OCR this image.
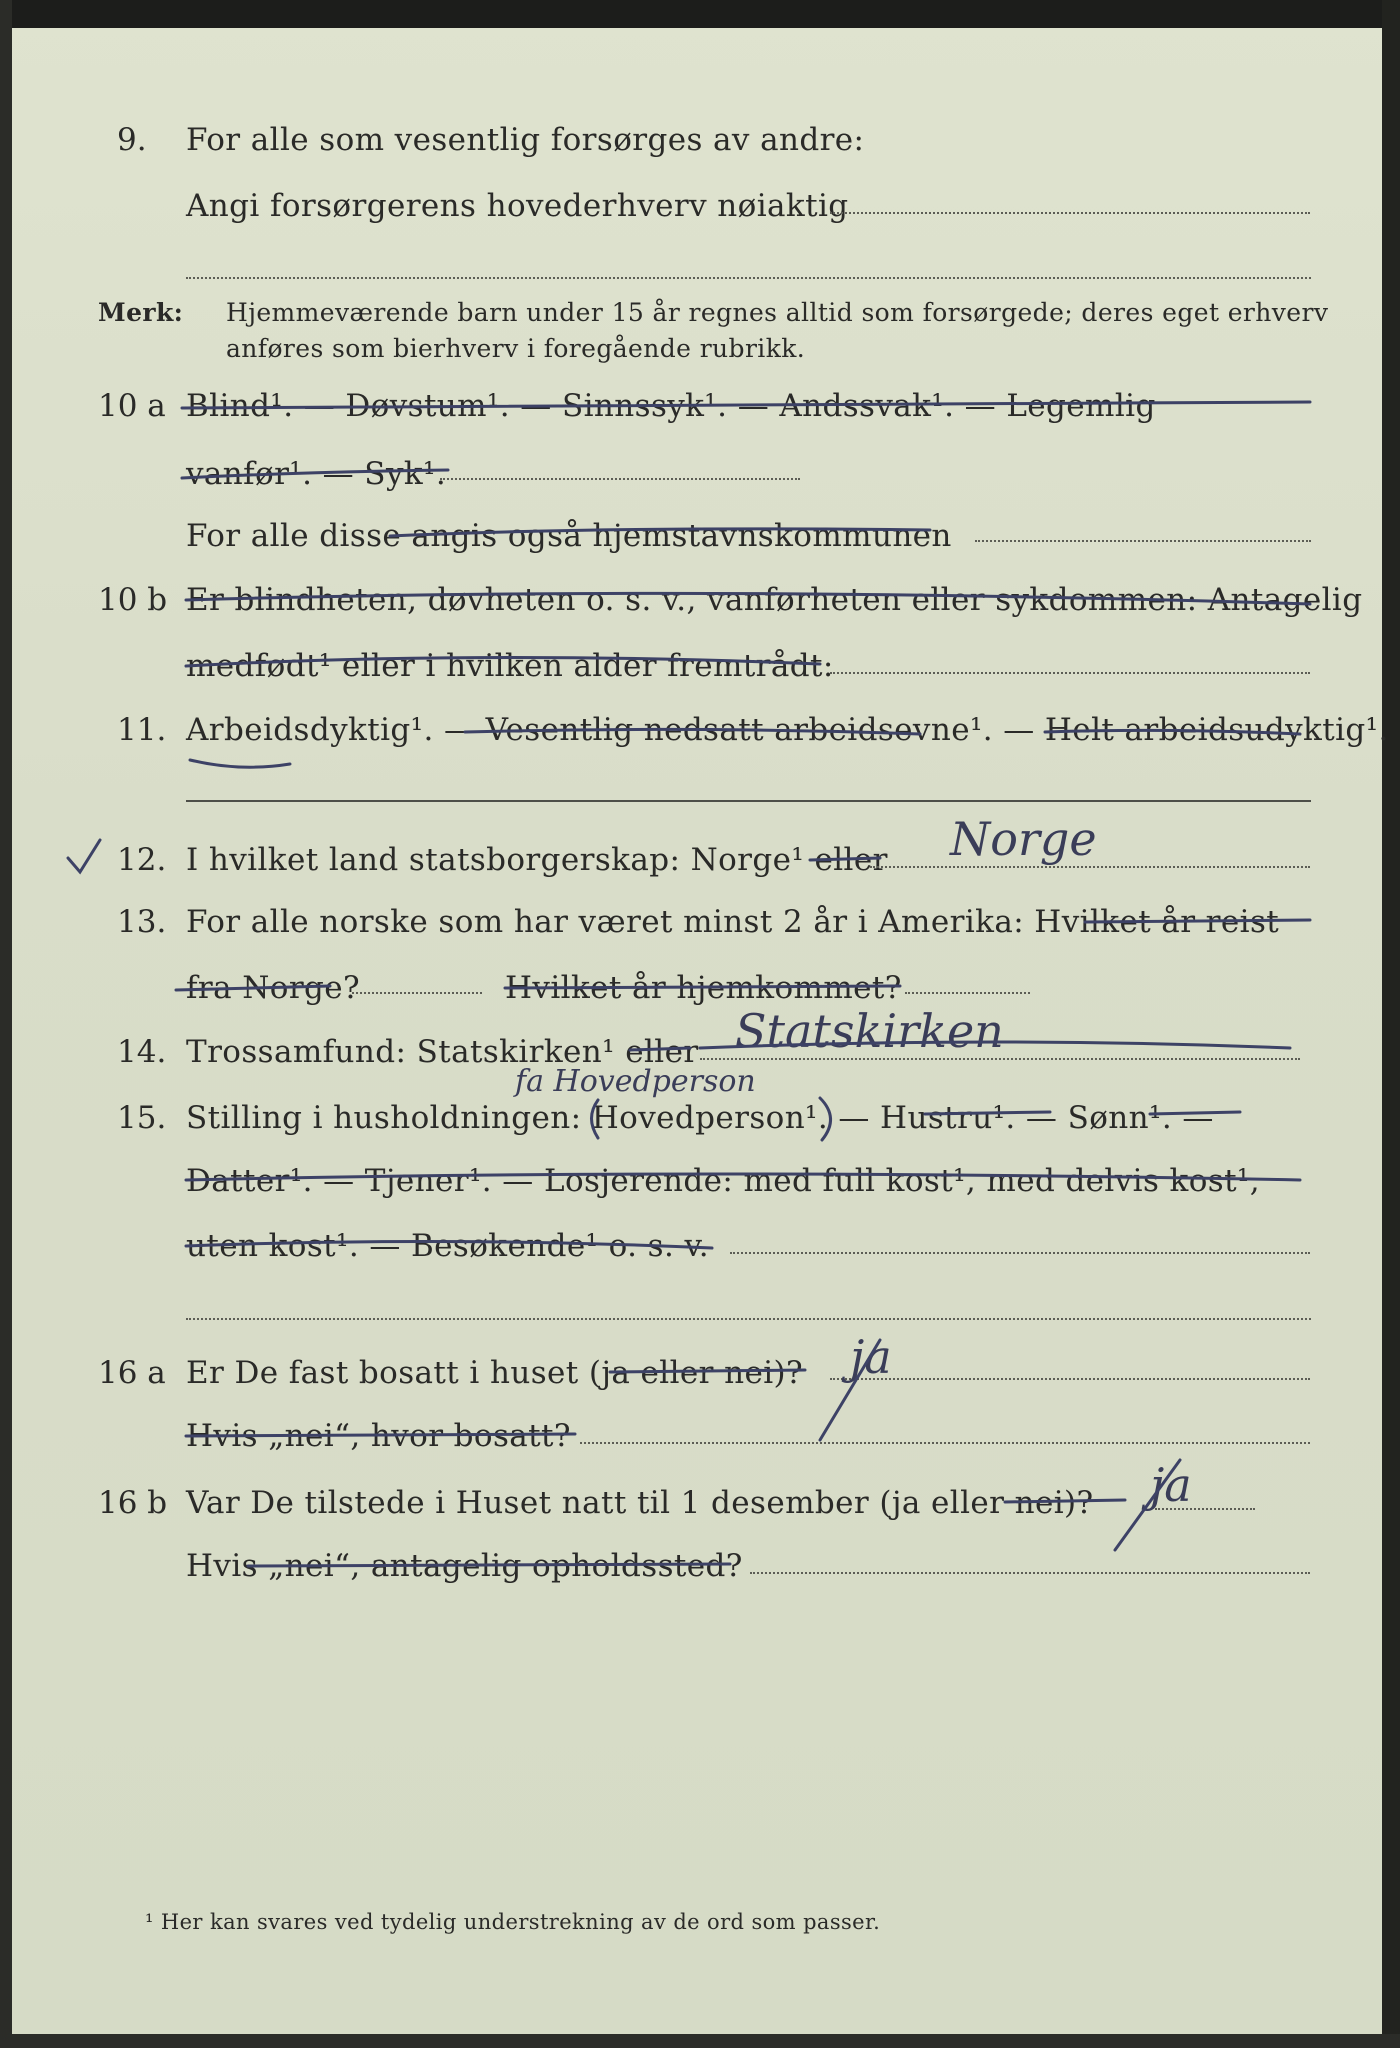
9. For alle som vesentlig forsørges av andre:
Angi forsørgerens hovederhverv nøiaktig
Merk: Hjemmeværende barn under 15 år regnes alltid som forsørgede; deres eget erhverv
anføres som bierhverv i foregående rubrikk.
10 a Blind¹. — Døvstum¹. — Sinnssyk¹. — Andssvak¹. — Legemlig
vanfør¹. — Syk¹.
For alle disse angis også hjemstavnskommunen
10 b Er blindheten, døvheten o. s. v., vanførheten eller sykdommen: Antagelig
medfødt¹ eller i hvilken alder fremtrådt:
11. Arbeidsdyktig¹. — Vesentlig nedsatt arbeidsevne¹. — Helt arbeidsudyktig¹.
12. I hvilket land statsborgerskap: Norge¹ eller Norge
13. For alle norske som har været minst 2 år i Amerika: Hvilket år reist
fra Norge?	Hvilket år hjemkommet?
14. Trossamfund: Statskirken¹ eller Statskirken
fa Hovedperson
15. Stilling i husholdningen: Hovedperson¹. — Hustru¹. — Sønn¹. —
Datter¹. — Tjener¹. — Losjerende: med full kost¹, med delvis kost¹,
uten kost¹. — Besøkende¹ o. s. v.
16 a Er De fast bosatt i huset (ja eller nei)? ja
Hvis „nei“, hvor bosatt?
16 b Var De tilstede i Huset natt til 1 desember (ja eller nei)? ja
Hvis „nei“, antagelig opholdssted?
¹ Her kan svares ved tydelig understrekning av de ord som passer.
